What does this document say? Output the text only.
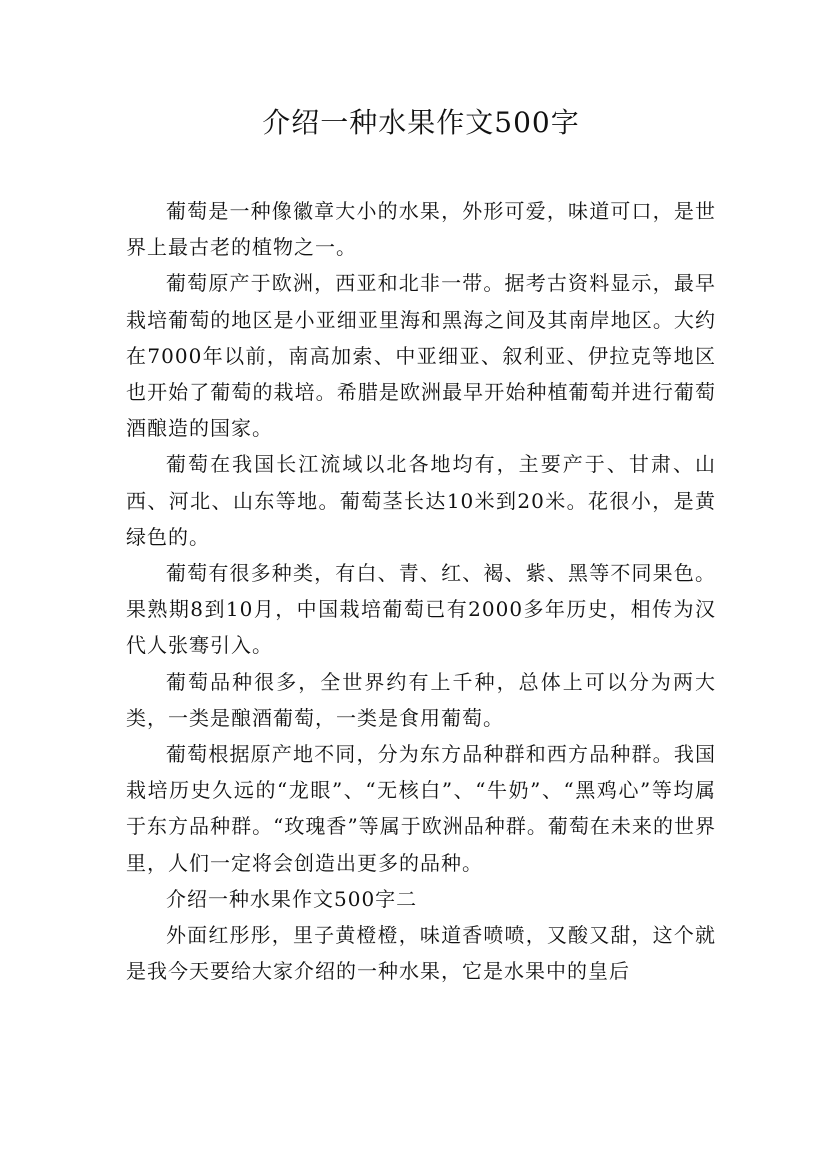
介绍一种水果作文500字

葡萄是一种像徽章大小的水果，外形可爱，味道可口，是世界上最古老的植物之一。

葡萄原产于欧洲，西亚和北非一带。据考古资料显示，最早栽培葡萄的地区是小亚细亚里海和黑海之间及其南岸地区。大约在7000年以前，南高加索、中亚细亚、叙利亚、伊拉克等地区也开始了葡萄的栽培。希腊是欧洲最早开始种植葡萄并进行葡萄酒酿造的国家。

葡萄在我国长江流域以北各地均有，主要产于、甘肃、山西、河北、山东等地。葡萄茎长达10米到20米。花很小，是黄绿色的。

葡萄有很多种类，有白、青、红、褐、紫、黑等不同果色。果熟期8到10月，中国栽培葡萄已有2000多年历史，相传为汉代人张骞引入。

葡萄品种很多，全世界约有上千种，总体上可以分为两大类，一类是酿酒葡萄，一类是食用葡萄。

葡萄根据原产地不同，分为东方品种群和西方品种群。我国栽培历史久远的“龙眼”、“无核白”、“牛奶”、“黑鸡心”等均属于东方品种群。“玫瑰香”等属于欧洲品种群。葡萄在未来的世界里，人们一定将会创造出更多的品种。

介绍一种水果作文500字二

外面红彤彤，里子黄橙橙，味道香喷喷，又酸又甜，这个就是我今天要给大家介绍的一种水果，它是水果中的皇后
